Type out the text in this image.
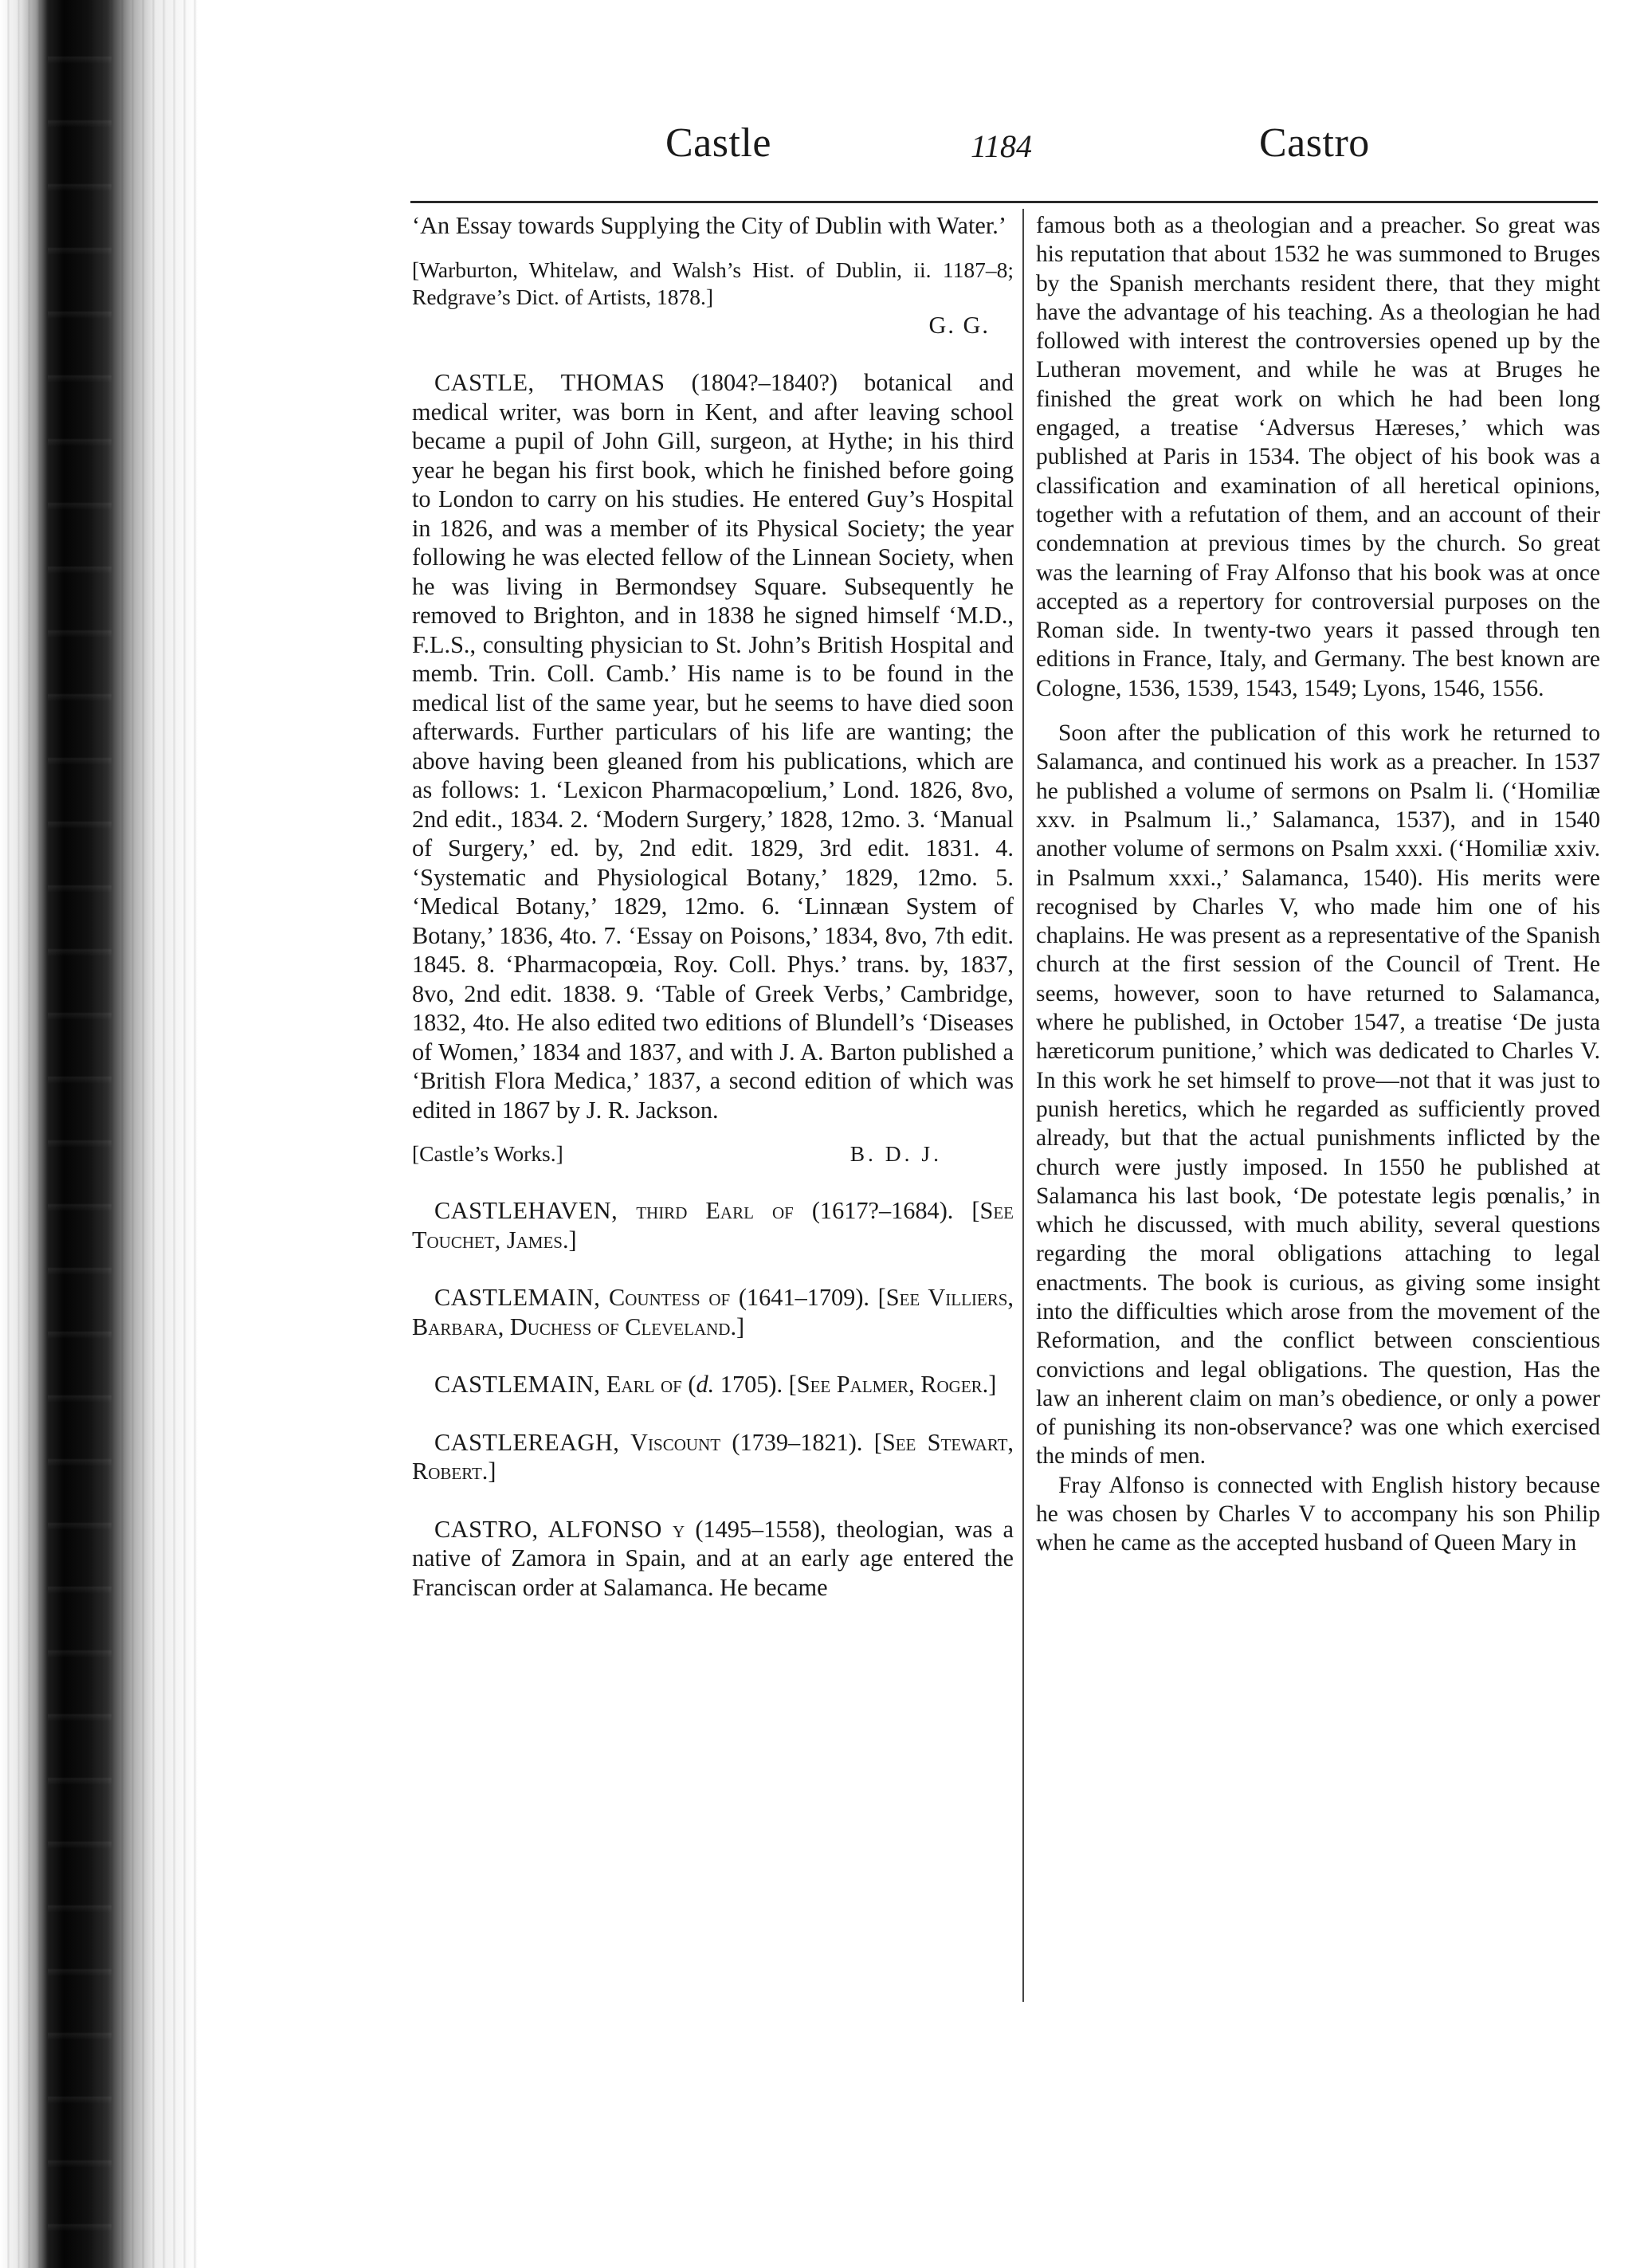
Castle	1184	Castro

‘An Essay towards Supplying the City of Dublin with Water.’

[Warburton, Whitelaw, and Walsh’s Hist. of Dublin, ii. 1187–8; Redgrave’s Dict. of Artists, 1878.]

G. G.

CASTLE, THOMAS (1804?–1840?) botanical and medical writer, was born in Kent, and after leaving school became a pupil of John Gill, surgeon, at Hythe; in his third year he began his first book, which he finished before going to London to carry on his studies. He entered Guy’s Hospital in 1826, and was a member of its Physical Society; the year following he was elected fellow of the Linnean Society, when he was living in Bermondsey Square. Subsequently he removed to Brighton, and in 1838 he signed himself ‘M.D., F.L.S., consulting physician to St. John’s British Hospital and memb. Trin. Coll. Camb.’ His name is to be found in the medical list of the same year, but he seems to have died soon afterwards. Further particulars of his life are wanting; the above having been gleaned from his publications, which are as follows: 1. ‘Lexicon Pharmacopœlium,’ Lond. 1826, 8vo, 2nd edit., 1834. 2. ‘Modern Surgery,’ 1828, 12mo. 3. ‘Manual of Surgery,’ ed. by, 2nd edit. 1829, 3rd edit. 1831. 4. ‘Systematic and Physiological Botany,’ 1829, 12mo. 5. ‘Medical Botany,’ 1829, 12mo. 6. ‘Linnæan System of Botany,’ 1836, 4to. 7. ‘Essay on Poisons,’ 1834, 8vo, 7th edit. 1845. 8. ‘Pharmacopœia, Roy. Coll. Phys.’ trans. by, 1837, 8vo, 2nd edit. 1838. 9. ‘Table of Greek Verbs,’ Cambridge, 1832, 4to. He also edited two editions of Blundell’s ‘Diseases of Women,’ 1834 and 1837, and with J. A. Barton published a ‘British Flora Medica,’ 1837, a second edition of which was edited in 1867 by J. R. Jackson.

[Castle’s Works.]	B. D. J.

CASTLEHAVEN, third Earl of (1617?–1684). [See Touchet, James.]

CASTLEMAIN, Countess of (1641–1709). [See Villiers, Barbara, Duchess of Cleveland.]

CASTLEMAIN, Earl of (d. 1705). [See Palmer, Roger.]

CASTLEREAGH, Viscount (1739–1821). [See Stewart, Robert.]

CASTRO, ALFONSO y (1495–1558), theologian, was a native of Zamora in Spain, and at an early age entered the Franciscan order at Salamanca. He became

famous both as a theologian and a preacher. So great was his reputation that about 1532 he was summoned to Bruges by the Spanish merchants resident there, that they might have the advantage of his teaching. As a theologian he had followed with interest the controversies opened up by the Lutheran movement, and while he was at Bruges he finished the great work on which he had been long engaged, a treatise ‘Adversus Hæreses,’ which was published at Paris in 1534. The object of his book was a classification and examination of all heretical opinions, together with a refutation of them, and an account of their condemnation at previous times by the church. So great was the learning of Fray Alfonso that his book was at once accepted as a repertory for controversial purposes on the Roman side. In twenty-two years it passed through ten editions in France, Italy, and Germany. The best known are Cologne, 1536, 1539, 1543, 1549; Lyons, 1546, 1556.

Soon after the publication of this work he returned to Salamanca, and continued his work as a preacher. In 1537 he published a volume of sermons on Psalm li. (‘Homiliæ xxv. in Psalmum li.,’ Salamanca, 1537), and in 1540 another volume of sermons on Psalm xxxi. (‘Homiliæ xxiv. in Psalmum xxxi.,’ Salamanca, 1540). His merits were recognised by Charles V, who made him one of his chaplains. He was present as a representative of the Spanish church at the first session of the Council of Trent. He seems, however, soon to have returned to Salamanca, where he published, in October 1547, a treatise ‘De justa hæreticorum punitione,’ which was dedicated to Charles V. In this work he set himself to prove—not that it was just to punish heretics, which he regarded as sufficiently proved already, but that the actual punishments inflicted by the church were justly imposed. In 1550 he published at Salamanca his last book, ‘De potestate legis pœnalis,’ in which he discussed, with much ability, several questions regarding the moral obligations attaching to legal enactments. The book is curious, as giving some insight into the difficulties which arose from the movement of the Reformation, and the conflict between conscientious convictions and legal obligations. The question, Has the law an inherent claim on man’s obedience, or only a power of punishing its non-observance? was one which exercised the minds of men.

Fray Alfonso is connected with English history because he was chosen by Charles V to accompany his son Philip when he came as the accepted husband of Queen Mary in
